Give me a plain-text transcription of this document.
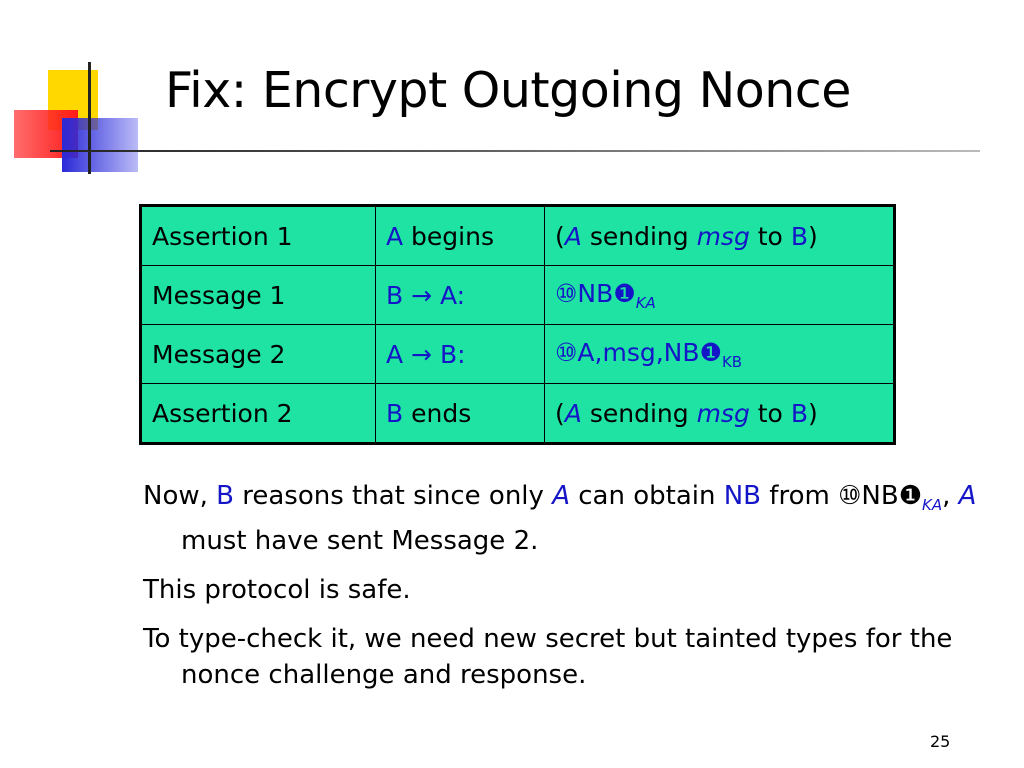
Fix: Encrypt Outgoing Nonce
Assertion 1	A begins	(A sending msg to B)
Message 1	B → A:	$⑩NB❶_{KA}$
Message 2	A → B:	$⑩A,msg,NB❶_{KB}$
Assertion 2	B ends	(A sending msg to B)

Now, B reasons that since only A can obtain NB from $⑩NB❶_{KA}$, A must have sent Message 2.

This protocol is safe.

To type-check it, we need new secret but tainted types for the nonce challenge and response.

25
